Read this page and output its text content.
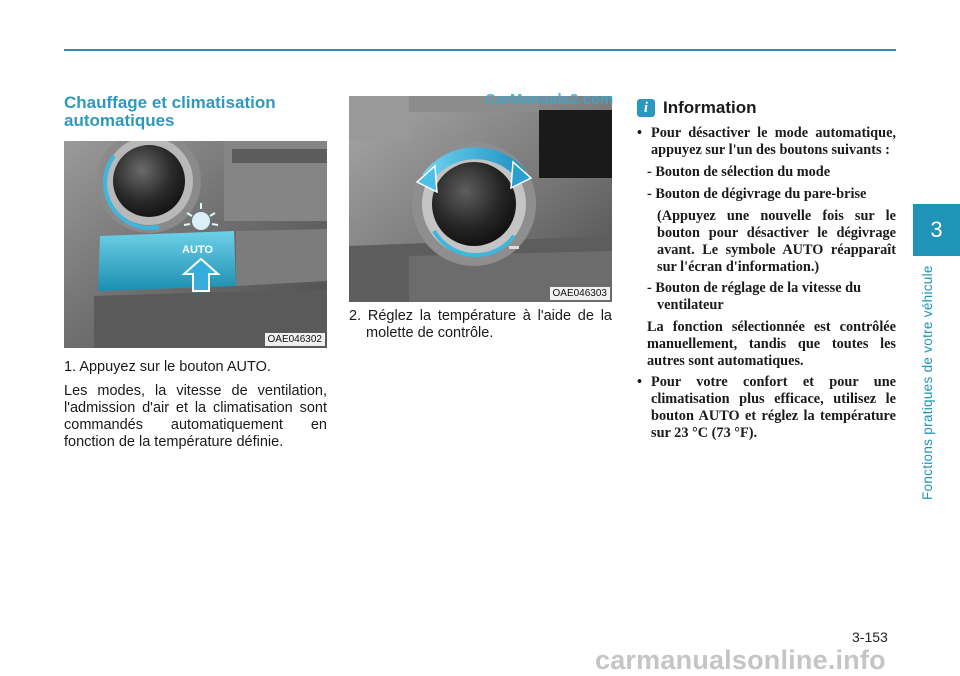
Chauffage et climatisation automatiques
AUTO
OAE046302

1. Appuyez sur le bouton AUTO.

Les modes, la vitesse de ventilation, l'admission d'air et la climatisation sont commandés automatiquement en fonction de la température définie.

OAE046303
CarManuals2.com
2. Réglez la température à l'aide de la molette de contrôle.
i Information
• Pour désactiver le mode automatique, appuyez sur l'un des boutons suivants :
- Bouton de sélection du mode
- Bouton de dégivrage du pare-brise
(Appuyez une nouvelle fois sur le bouton pour désactiver le dégivrage avant. Le symbole AUTO réapparaît sur l'écran d'information.)
- Bouton de réglage de la vitesse du ventilateur
La fonction sélectionnée est contrôlée manuellement, tandis que toutes les autres sont automatiques.
• Pour votre confort et pour une climatisation plus efficace, utilisez le bouton AUTO et réglez la température sur 23 °C (73 °F).
3
Fonctions pratiques de votre véhicule
3-153
carmanualsonline.info
